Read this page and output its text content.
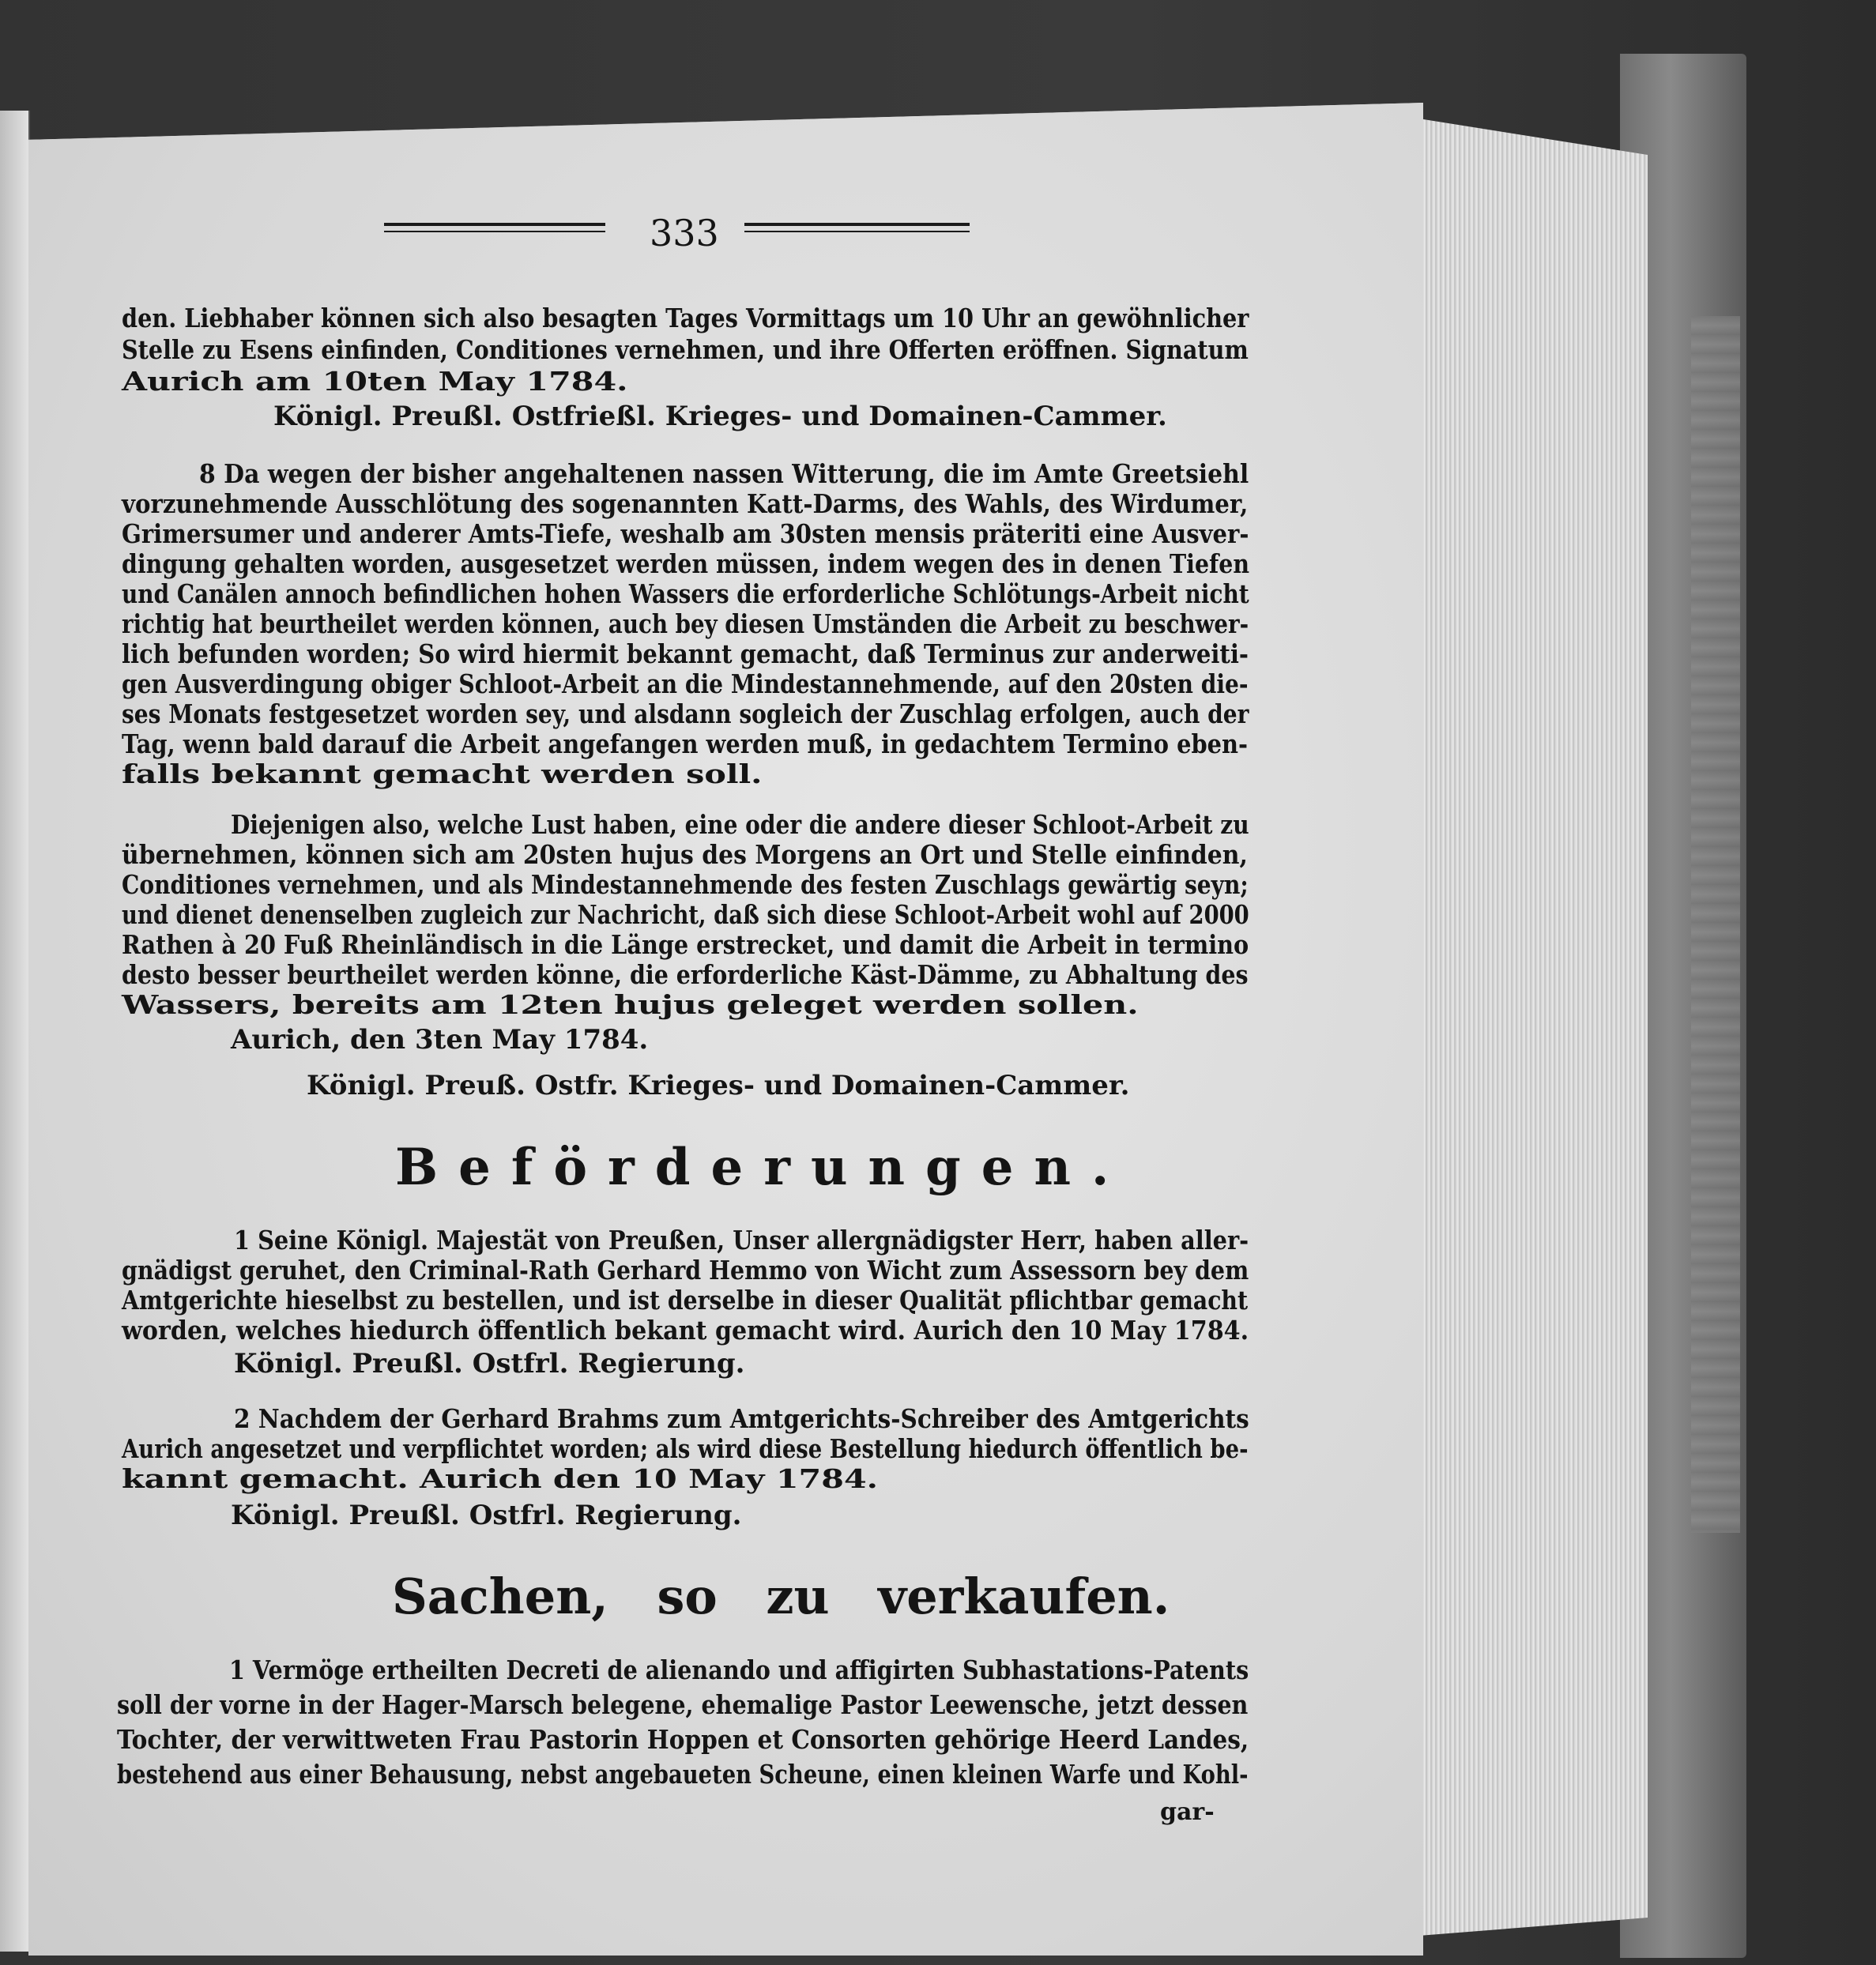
333
den. Liebhaber können sich also besagten Tages Vormittags um 10 Uhr an gewöhnlicher
Stelle zu Esens einfinden, Conditiones vernehmen, und ihre Offerten eröffnen. Signatum
Aurich am 10ten May 1784.
Königl. Preußl. Ostfrießl. Krieges- und Domainen-Cammer.
8 Da wegen der bisher angehaltenen nassen Witterung, die im Amte Greetsiehl
vorzunehmende Ausschlötung des sogenannten Katt-Darms, des Wahls, des Wirdumer,
Grimersumer und anderer Amts-Tiefe, weshalb am 30sten mensis präteriti eine Ausver-
dingung gehalten worden, ausgesetzet werden müssen, indem wegen des in denen Tiefen
und Canälen annoch befindlichen hohen Wassers die erforderliche Schlötungs-Arbeit nicht
richtig hat beurtheilet werden können, auch bey diesen Umständen die Arbeit zu beschwer-
lich befunden worden; So wird hiermit bekannt gemacht, daß Terminus zur anderweiti-
gen Ausverdingung obiger Schloot-Arbeit an die Mindestannehmende, auf den 20sten die-
ses Monats festgesetzet worden sey, und alsdann sogleich der Zuschlag erfolgen, auch der
Tag, wenn bald darauf die Arbeit angefangen werden muß, in gedachtem Termino eben-
falls bekannt gemacht werden soll.
Diejenigen also, welche Lust haben, eine oder die andere dieser Schloot-Arbeit zu
übernehmen, können sich am 20sten hujus des Morgens an Ort und Stelle einfinden,
Conditiones vernehmen, und als Mindestannehmende des festen Zuschlags gewärtig seyn;
und dienet denenselben zugleich zur Nachricht, daß sich diese Schloot-Arbeit wohl auf 2000
Rathen à 20 Fuß Rheinländisch in die Länge erstrecket, und damit die Arbeit in termino
desto besser beurtheilet werden könne, die erforderliche Käst-Dämme, zu Abhaltung des
Wassers, bereits am 12ten hujus geleget werden sollen.
Aurich, den 3ten May 1784.
Königl. Preuß. Ostfr. Krieges- und Domainen-Cammer.
Beförderungen.
1 Seine Königl. Majestät von Preußen, Unser allergnädigster Herr, haben aller-
gnädigst geruhet, den Criminal-Rath Gerhard Hemmo von Wicht zum Assessorn bey dem
Amtgerichte hieselbst zu bestellen, und ist derselbe in dieser Qualität pflichtbar gemacht
worden, welches hiedurch öffentlich bekant gemacht wird. Aurich den 10 May 1784.
Königl. Preußl. Ostfrl. Regierung.
2 Nachdem der Gerhard Brahms zum Amtgerichts-Schreiber des Amtgerichts
Aurich angesetzet und verpflichtet worden; als wird diese Bestellung hiedurch öffentlich be-
kannt gemacht. Aurich den 10 May 1784.
Königl. Preußl. Ostfrl. Regierung.
Sachen, so zu verkaufen.
1 Vermöge ertheilten Decreti de alienando und affigirten Subhastations-Patents
soll der vorne in der Hager-Marsch belegene, ehemalige Pastor Leewensche, jetzt dessen
Tochter, der verwittweten Frau Pastorin Hoppen et Consorten gehörige Heerd Landes,
bestehend aus einer Behausung, nebst angebaueten Scheune, einen kleinen Warfe und Kohl-
gar-
